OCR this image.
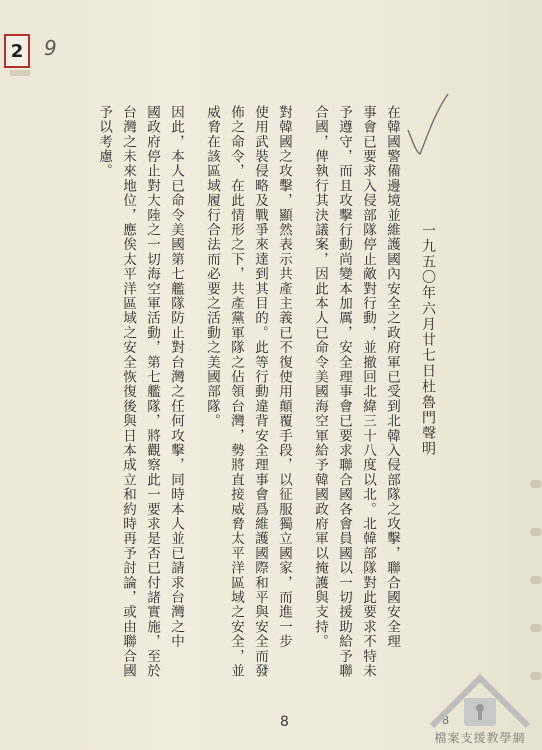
2 9
一九五〇年六月廿七日杜魯門聲明
在韓國警備邊境並維護國內安全之政府軍已受到北韓入侵部隊之攻擊，聯合國安全理
事會已要求入侵部隊停止敵對行動，並撤回北緯三十八度以北。北韓部隊對此要求不特未
予遵守，而且攻擊行動尚變本加厲，安全理事會已要求聯合國各會員國以一切援助給予聯
合國，俾執行其決議案，因此本人已命令美國海空軍給予韓國政府軍以掩護與支持。
對韓國之攻擊，顯然表示共產主義已不復使用顛覆手段，以征服獨立國家，而進一步
使用武裝侵略及戰爭來達到其目的。此等行動違背安全理事會爲維護國際和平與安全而發
佈之命令，在此情形之下，共產黨軍隊之佔領台灣，勢將直接威脅太平洋區域之安全，並
威脅在該區域履行合法而必要之活動之美國部隊。
因此，本人已命令美國第七艦隊防止對台灣之任何攻擊，同時本人並已請求台灣之中
國政府停止對大陸之一切海空軍活動，第七艦隊，將觀察此一要求是否已付諸實施，至於
台灣之未來地位，應俟太平洋區域之安全恢復後與日本成立和約時再予討論，或由聯合國
予以考慮。
8	8
檔案支援教學網
